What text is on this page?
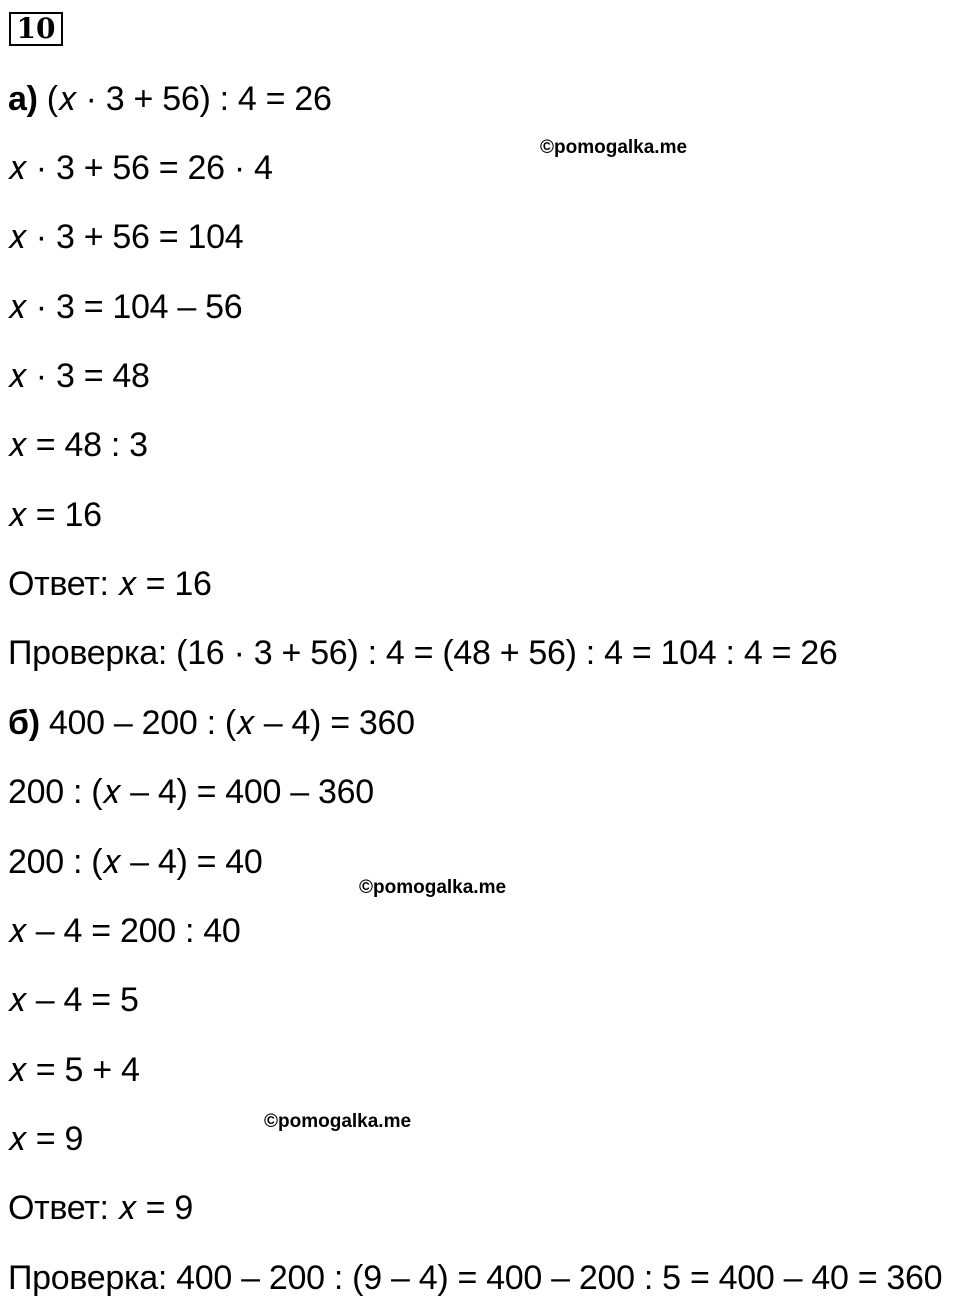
10
а) (𝑥 · 3 + 56) : 4 = 26
𝑥 · 3 + 56 = 26 · 4
𝑥 · 3 + 56 = 104
𝑥 · 3 = 104 – 56
𝑥 · 3 = 48
𝑥 = 48 : 3
𝑥 = 16
Ответ: 𝑥 = 16
Проверка: (16 · 3 + 56) : 4 = (48 + 56) : 4 = 104 : 4 = 26
б) 400 – 200 : (𝑥 – 4) = 360
200 : (𝑥 – 4) = 400 – 360
200 : (𝑥 – 4) = 40
𝑥 – 4 = 200 : 40
𝑥 – 4 = 5
𝑥 = 5 + 4
𝑥 = 9
Ответ: 𝑥 = 9
Проверка: 400 – 200 : (9 – 4) = 400 – 200 : 5 = 400 – 40 = 360
©pomogalka.me
©pomogalka.me
©pomogalka.me
